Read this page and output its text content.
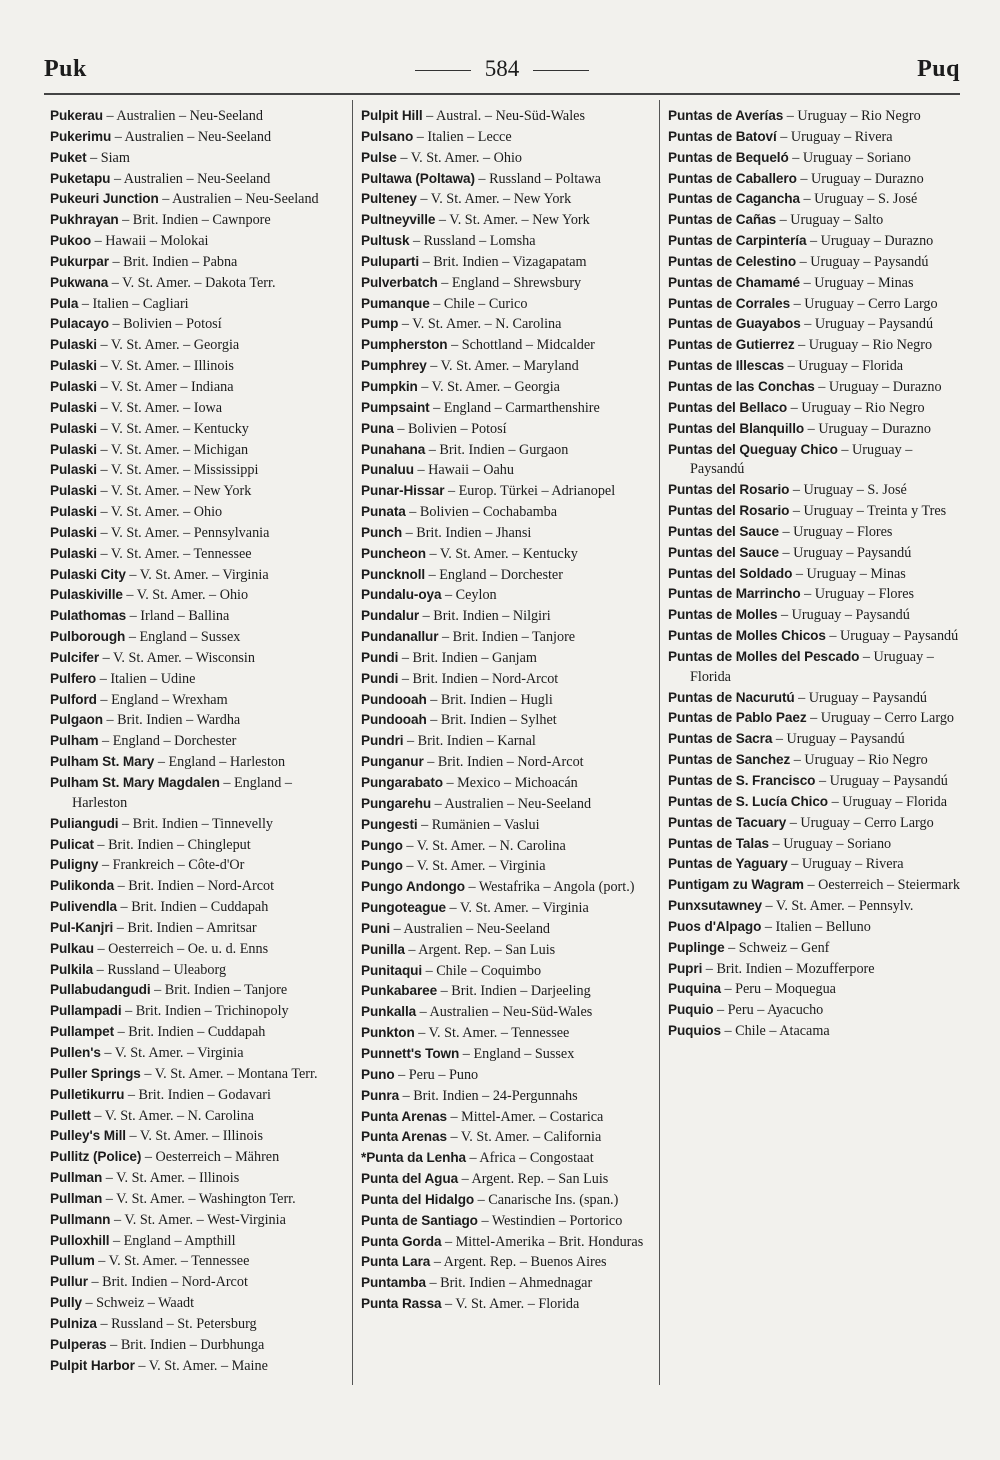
Puk	584	Puq
Pukerau – Australien – Neu-Seeland
Pukerimu – Australien – Neu-Seeland
Puket – Siam
Puketapu – Australien – Neu-Seeland
Pukeuri Junction – Australien – Neu-Seeland
Pukhrayan – Brit. Indien – Cawnpore
Pukoo – Hawaii – Molokai
Pukurpar – Brit. Indien – Pabna
Pukwana – V. St. Amer. – Dakota Terr.
Pula – Italien – Cagliari
Pulacayo – Bolivien – Potosí
Pulaski – V. St. Amer. – Georgia
Pulaski – V. St. Amer. – Illinois
Pulaski – V. St. Amer – Indiana
Pulaski – V. St. Amer. – Iowa
Pulaski – V. St. Amer. – Kentucky
Pulaski – V. St. Amer. – Michigan
Pulaski – V. St. Amer. – Mississippi
Pulaski – V. St. Amer. – New York
Pulaski – V. St. Amer. – Ohio
Pulaski – V. St. Amer. – Pennsylvania
Pulaski – V. St. Amer. – Tennessee
Pulaski City – V. St. Amer. – Virginia
Pulaskiville – V. St. Amer. – Ohio
Pulathomas – Irland – Ballina
Pulborough – England – Sussex
Pulcifer – V. St. Amer. – Wisconsin
Pulfero – Italien – Udine
Pulford – England – Wrexham
Pulgaon – Brit. Indien – Wardha
Pulham – England – Dorchester
Pulham St. Mary – England – Harleston
Pulham St. Mary Magdalen – England – Harleston
Puliangudi – Brit. Indien – Tinnevelly
Pulicat – Brit. Indien – Chingleput
Puligny – Frankreich – Côte-d'Or
Pulikonda – Brit. Indien – Nord-Arcot
Pulivendla – Brit. Indien – Cuddapah
Pul-Kanjri – Brit. Indien – Amritsar
Pulkau – Oesterreich – Oe. u. d. Enns
Pulkila – Russland – Uleaborg
Pullabudangudi – Brit. Indien – Tanjore
Pullampadi – Brit. Indien – Trichinopoly
Pullampet – Brit. Indien – Cuddapah
Pullen's – V. St. Amer. – Virginia
Puller Springs – V. St. Amer. – Montana Terr.
Pulletikurru – Brit. Indien – Godavari
Pullett – V. St. Amer. – N. Carolina
Pulley's Mill – V. St. Amer. – Illinois
Pullitz (Police) – Oesterreich – Mähren
Pullman – V. St. Amer. – Illinois
Pullman – V. St. Amer. – Washington Terr.
Pullmann – V. St. Amer. – West-Virginia
Pulloxhill – England – Ampthill
Pullum – V. St. Amer. – Tennessee
Pullur – Brit. Indien – Nord-Arcot
Pully – Schweiz – Waadt
Pulniza – Russland – St. Petersburg
Pulperas – Brit. Indien – Durbhunga
Pulpit Harbor – V. St. Amer. – Maine
Pulpit Hill – Austral. – Neu-Süd-Wales
Pulsano – Italien – Lecce
Pulse – V. St. Amer. – Ohio
Pultawa (Poltawa) – Russland – Poltawa
Pulteney – V. St. Amer. – New York
Pultneyville – V. St. Amer. – New York
Pultusk – Russland – Lomsha
Puluparti – Brit. Indien – Vizagapatam
Pulverbatch – England – Shrewsbury
Pumanque – Chile – Curico
Pump – V. St. Amer. – N. Carolina
Pumpherston – Schottland – Midcalder
Pumphrey – V. St. Amer. – Maryland
Pumpkin – V. St. Amer. – Georgia
Pumpsaint – England – Carmarthenshire
Puna – Bolivien – Potosí
Punahana – Brit. Indien – Gurgaon
Punaluu – Hawaii – Oahu
Punar-Hissar – Europ. Türkei – Adrianopel
Punata – Bolivien – Cochabamba
Punch – Brit. Indien – Jhansi
Puncheon – V. St. Amer. – Kentucky
Puncknoll – England – Dorchester
Pundalu-oya – Ceylon
Pundalur – Brit. Indien – Nilgiri
Pundanallur – Brit. Indien – Tanjore
Pundi – Brit. Indien – Ganjam
Pundi – Brit. Indien – Nord-Arcot
Pundooah – Brit. Indien – Hugli
Pundooah – Brit. Indien – Sylhet
Pundri – Brit. Indien – Karnal
Punganur – Brit. Indien – Nord-Arcot
Pungarabato – Mexico – Michoacán
Pungarehu – Australien – Neu-Seeland
Pungesti – Rumänien – Vaslui
Pungo – V. St. Amer. – N. Carolina
Pungo – V. St. Amer. – Virginia
Pungo Andongo – Westafrika – Angola (port.)
Pungoteague – V. St. Amer. – Virginia
Puni – Australien – Neu-Seeland
Punilla – Argent. Rep. – San Luis
Punitaqui – Chile – Coquimbo
Punkabaree – Brit. Indien – Darjeeling
Punkalla – Australien – Neu-Süd-Wales
Punkton – V. St. Amer. – Tennessee
Punnett's Town – England – Sussex
Puno – Peru – Puno
Punra – Brit. Indien – 24-Pergunnahs
Punta Arenas – Mittel-Amer. – Costarica
Punta Arenas – V. St. Amer. – California
*Punta da Lenha – Africa – Congostaat
Punta del Agua – Argent. Rep. – San Luis
Punta del Hidalgo – Canarische Ins. (span.)
Punta de Santiago – Westindien – Portorico
Punta Gorda – Mittel-Amerika – Brit. Honduras
Punta Lara – Argent. Rep. – Buenos Aires
Puntamba – Brit. Indien – Ahmednagar
Punta Rassa – V. St. Amer. – Florida
Puntas de Averías – Uruguay – Rio Negro
Puntas de Batoví – Uruguay – Rivera
Puntas de Bequeló – Uruguay – Soriano
Puntas de Caballero – Uruguay – Durazno
Puntas de Cagancha – Uruguay – S. José
Puntas de Cañas – Uruguay – Salto
Puntas de Carpintería – Uruguay – Durazno
Puntas de Celestino – Uruguay – Paysandú
Puntas de Chamamé – Uruguay – Minas
Puntas de Corrales – Uruguay – Cerro Largo
Puntas de Guayabos – Uruguay – Paysandú
Puntas de Gutierrez – Uruguay – Rio Negro
Puntas de Illescas – Uruguay – Florida
Puntas de las Conchas – Uruguay – Durazno
Puntas del Bellaco – Uruguay – Rio Negro
Puntas del Blanquillo – Uruguay – Durazno
Puntas del Queguay Chico – Uruguay – Paysandú
Puntas del Rosario – Uruguay – S. José
Puntas del Rosario – Uruguay – Treinta y Tres
Puntas del Sauce – Uruguay – Flores
Puntas del Sauce – Uruguay – Paysandú
Puntas del Soldado – Uruguay – Minas
Puntas de Marrincho – Uruguay – Flores
Puntas de Molles – Uruguay – Paysandú
Puntas de Molles Chicos – Uruguay – Paysandú
Puntas de Molles del Pescado – Uruguay – Florida
Puntas de Nacurutú – Uruguay – Paysandú
Puntas de Pablo Paez – Uruguay – Cerro Largo
Puntas de Sacra – Uruguay – Paysandú
Puntas de Sanchez – Uruguay – Rio Negro
Puntas de S. Francisco – Uruguay – Paysandú
Puntas de S. Lucía Chico – Uruguay – Florida
Puntas de Tacuary – Uruguay – Cerro Largo
Puntas de Talas – Uruguay – Soriano
Puntas de Yaguary – Uruguay – Rivera
Puntigam zu Wagram – Oesterreich – Steiermark
Punxsutawney – V. St. Amer. – Pennsylv.
Puos d'Alpago – Italien – Belluno
Puplinge – Schweiz – Genf
Pupri – Brit. Indien – Mozufferpore
Puquina – Peru – Moquegua
Puquio – Peru – Ayacucho
Puquios – Chile – Atacama
